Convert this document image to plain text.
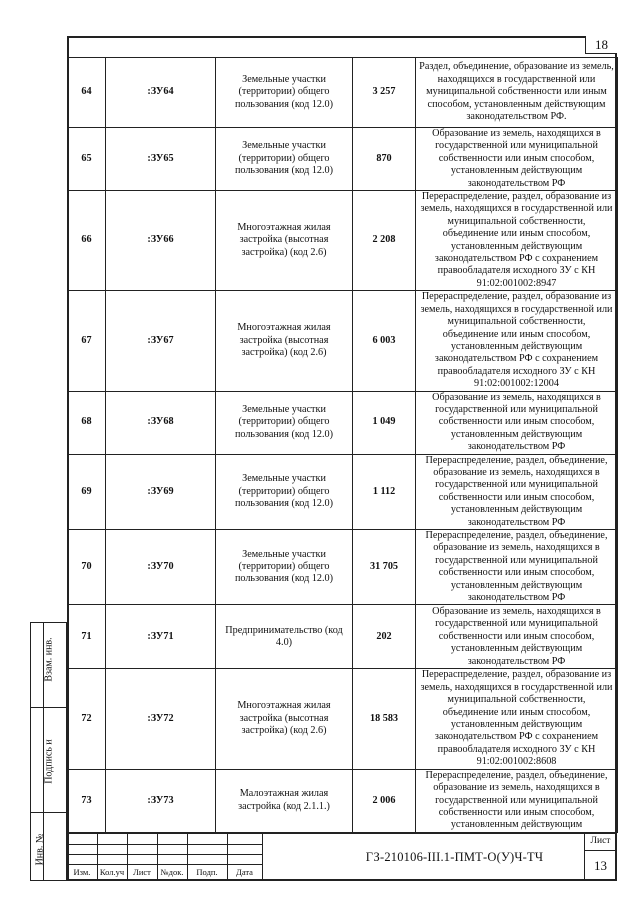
18
64	:ЗУ64	Земельные участки (территории) общего пользования (код 12.0)	3 257	Раздел, объединение, образование из земель, находящихся в государственной или муниципальной собственности или иным способом, установленным действующим законодательством РФ.
65	:ЗУ65	Земельные участки (территории) общего пользования (код 12.0)	870	Образование из земель, находящихся в государственной или муниципальной собственности или иным способом, установленным действующим законодательством РФ
66	:ЗУ66	Многоэтажная жилая застройка (высотная застройка) (код 2.6)	2 208	Перераспределение, раздел, образование из земель, находящихся в государственной или муниципальной собственности, объединение или иным способом, установленным действующим законодательством РФ с сохранением правообладателя исходного ЗУ с КН 91:02:001002:8947
67	:ЗУ67	Многоэтажная жилая застройка (высотная застройка) (код 2.6)	6 003	Перераспределение, раздел, образование из земель, находящихся в государственной или муниципальной собственности, объединение или иным способом, установленным действующим законодательством РФ с сохранением правообладателя исходного ЗУ с КН 91:02:001002:12004
68	:ЗУ68	Земельные участки (территории) общего пользования (код 12.0)	1 049	Образование из земель, находящихся в государственной или муниципальной собственности или иным способом, установленным действующим законодательством РФ
69	:ЗУ69	Земельные участки (территории) общего пользования (код 12.0)	1 112	Перераспределение, раздел, объединение, образование из земель, находящихся в государственной или муниципальной собственности или иным способом, установленным действующим законодательством РФ
70	:ЗУ70	Земельные участки (территории) общего пользования (код 12.0)	31 705	Перераспределение, раздел, объединение, образование из земель, находящихся в государственной или муниципальной собственности или иным способом, установленным действующим законодательством РФ
71	:ЗУ71	Предпринимательство (код 4.0)	202	Образование из земель, находящихся в государственной или муниципальной собственности или иным способом, установленным действующим законодательством РФ
72	:ЗУ72	Многоэтажная жилая застройка (высотная застройка) (код 2.6)	18 583	Перераспределение, раздел, образование из земель, находящихся в государственной или муниципальной собственности, объединение или иным способом, установленным действующим законодательством РФ с сохранением правообладателя исходного ЗУ с КН 91:02:001002:8608
73	:ЗУ73	Малоэтажная жилая застройка (код 2.1.1.)	2 006	Перераспределение, раздел, объединение, образование из земель, находящихся в государственной или муниципальной собственности или иным способом, установленным действующим
Взам. инв.
Подпись и
Инв. №
Изм.	Кол.уч	Лист	№док.	Подп.	Дата
ГЗ-210106-III.1-ПМТ-О(У)Ч-ТЧ
Лист
13
